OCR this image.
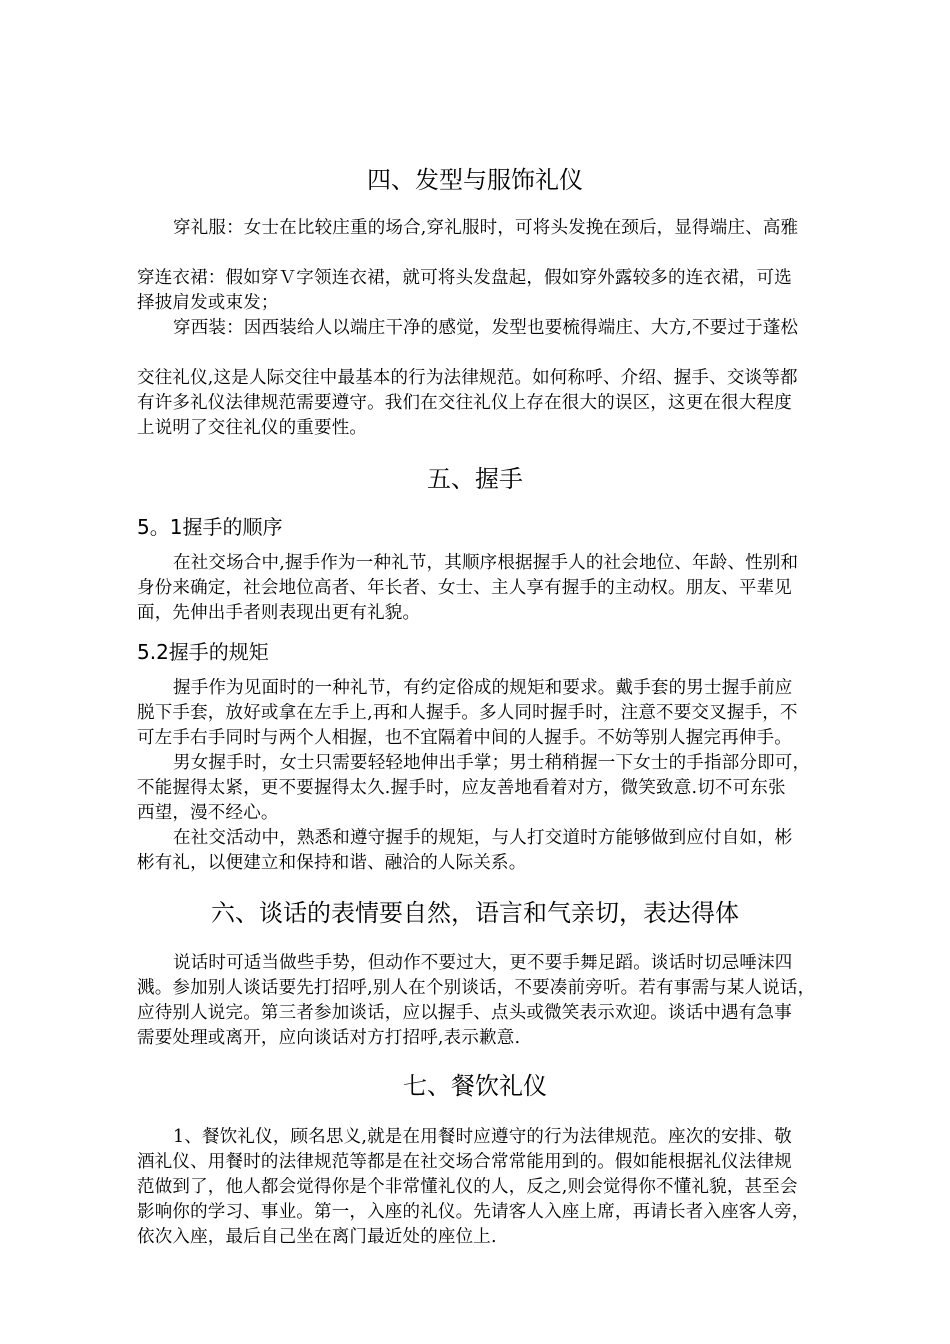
四、发型与服饰礼仪
穿礼服：女士在比较庄重的场合,穿礼服时，可将头发挽在颈后，显得端庄、高雅
穿连衣裙：假如穿Ｖ字领连衣裙，就可将头发盘起，假如穿外露较多的连衣裙，可选
择披肩发或束发；
穿西装：因西装给人以端庄干净的感觉，发型也要梳得端庄、大方,不要过于蓬松
交往礼仪,这是人际交往中最基本的行为法律规范。如何称呼、介绍、握手、交谈等都
有许多礼仪法律规范需要遵守。我们在交往礼仪上存在很大的误区，这更在很大程度
上说明了交往礼仪的重要性。
五、握手
5。1握手的顺序
在社交场合中,握手作为一种礼节，其顺序根据握手人的社会地位、年龄、性别和
身份来确定，社会地位高者、年长者、女士、主人享有握手的主动权。朋友、平辈见
面，先伸出手者则表现出更有礼貌。
5.2握手的规矩
握手作为见面时的一种礼节，有约定俗成的规矩和要求。戴手套的男士握手前应
脱下手套，放好或拿在左手上,再和人握手。多人同时握手时，注意不要交叉握手，不
可左手右手同时与两个人相握，也不宜隔着中间的人握手。不妨等别人握完再伸手。
男女握手时，女士只需要轻轻地伸出手掌；男士稍稍握一下女士的手指部分即可，
不能握得太紧，更不要握得太久.握手时，应友善地看着对方，微笑致意.切不可东张
西望，漫不经心。
在社交活动中，熟悉和遵守握手的规矩，与人打交道时方能够做到应付自如，彬
彬有礼，以便建立和保持和谐、融洽的人际关系。
六、谈话的表情要自然，语言和气亲切，表达得体
说话时可适当做些手势，但动作不要过大，更不要手舞足蹈。谈话时切忌唾沫四
溅。参加别人谈话要先打招呼,别人在个别谈话，不要凑前旁听。若有事需与某人说话，
应待别人说完。第三者参加谈话，应以握手、点头或微笑表示欢迎。谈话中遇有急事
需要处理或离开，应向谈话对方打招呼,表示歉意.
七、餐饮礼仪
1、餐饮礼仪，顾名思义,就是在用餐时应遵守的行为法律规范。座次的安排、敬
酒礼仪、用餐时的法律规范等都是在社交场合常常能用到的。假如能根据礼仪法律规
范做到了，他人都会觉得你是个非常懂礼仪的人，反之,则会觉得你不懂礼貌，甚至会
影响你的学习、事业。第一，入座的礼仪。先请客人入座上席，再请长者入座客人旁，
依次入座，最后自己坐在离门最近处的座位上.
